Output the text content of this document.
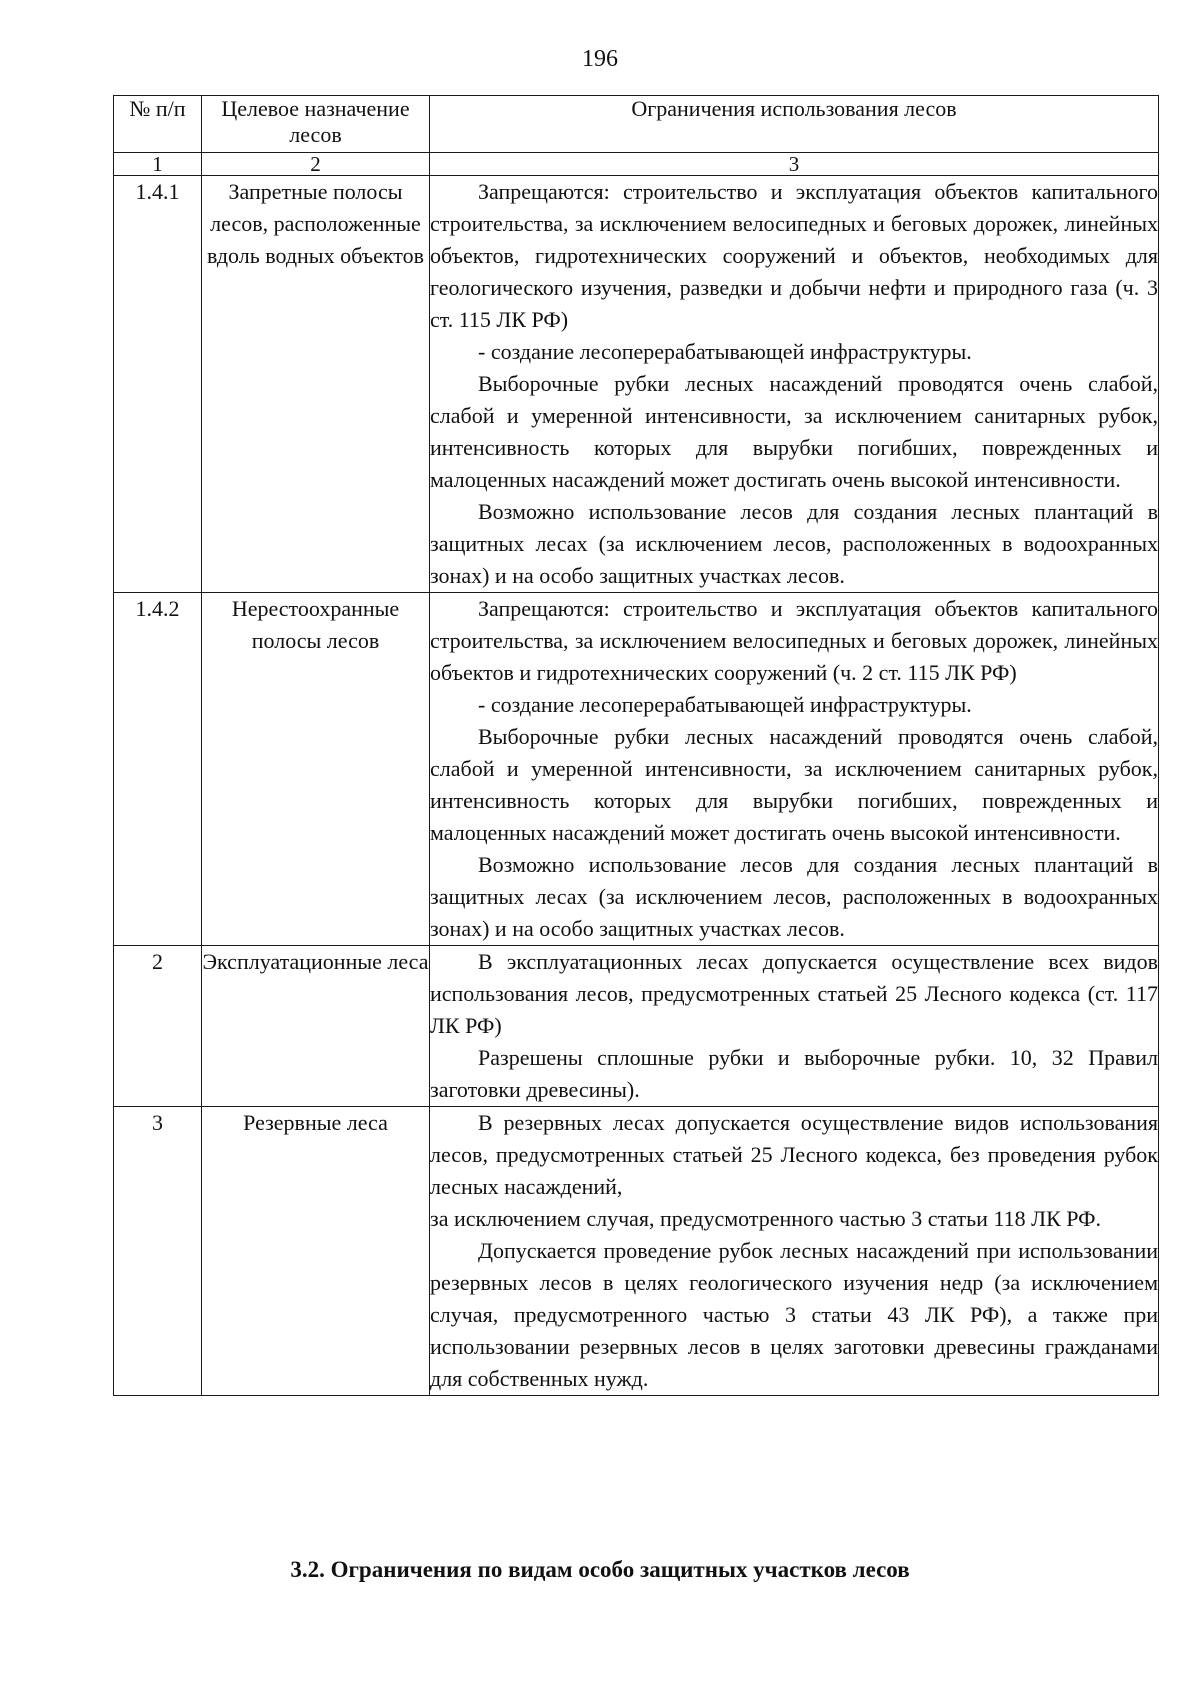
196
№ п/п	Целевое назначение лесов	Ограничения использования лесов
1	2	3
1.4.1	Запретные полосы лесов, расположенные вдоль водных объектов	Запрещаются: строительство и эксплуатация объектов капитального строительства, за исключением велосипедных и беговых дорожек, линейных объектов, гидротехнических сооружений и объектов, необходимых для геологического изучения, разведки и добычи нефти и природного газа (ч. 3 ст. 115 ЛК РФ)

- создание лесоперерабатывающей инфраструктуры.

Выборочные рубки лесных насаждений проводятся очень слабой, слабой и умеренной интенсивности, за исключением санитарных рубок, интенсивность которых для вырубки погибших, поврежденных и малоценных насаждений может достигать очень высокой интенсивности.

Возможно использование лесов для создания лесных плантаций в защитных лесах (за исключением лесов, расположенных в водоохранных зонах) и на особо защитных участках лесов.

1.4.2	Нерестоохранные полосы лесов	Запрещаются: строительство и эксплуатация объектов капитального строительства, за исключением велосипедных и беговых дорожек, линейных объектов и гидротехнических сооружений (ч. 2 ст. 115 ЛК РФ)

- создание лесоперерабатывающей инфраструктуры.

Выборочные рубки лесных насаждений проводятся очень слабой, слабой и умеренной интенсивности, за исключением санитарных рубок, интенсивность которых для вырубки погибших, поврежденных и малоценных насаждений может достигать очень высокой интенсивности.

Возможно использование лесов для создания лесных плантаций в защитных лесах (за исключением лесов, расположенных в водоохранных зонах) и на особо защитных участках лесов.

2	Эксплуатационные леса	В эксплуатационных лесах допускается осуществление всех видов использования лесов, предусмотренных статьей 25 Лесного кодекса (ст. 117 ЛК РФ)

Разрешены сплошные рубки и выборочные рубки. 10, 32 Правил заготовки древесины).

3	Резервные леса	В резервных лесах допускается осуществление видов использования лесов, предусмотренных статьей 25 Лесного кодекса, без проведения рубок лесных насаждений,

за исключением случая, предусмотренного частью 3 статьи 118 ЛК РФ.

Допускается проведение рубок лесных насаждений при использовании резервных лесов в целях геологического изучения недр (за исключением случая, предусмотренного частью 3 статьи 43 ЛК РФ), а также при использовании резервных лесов в целях заготовки древесины гражданами для собственных нужд.

3.2. Ограничения по видам особо защитных участков лесов
